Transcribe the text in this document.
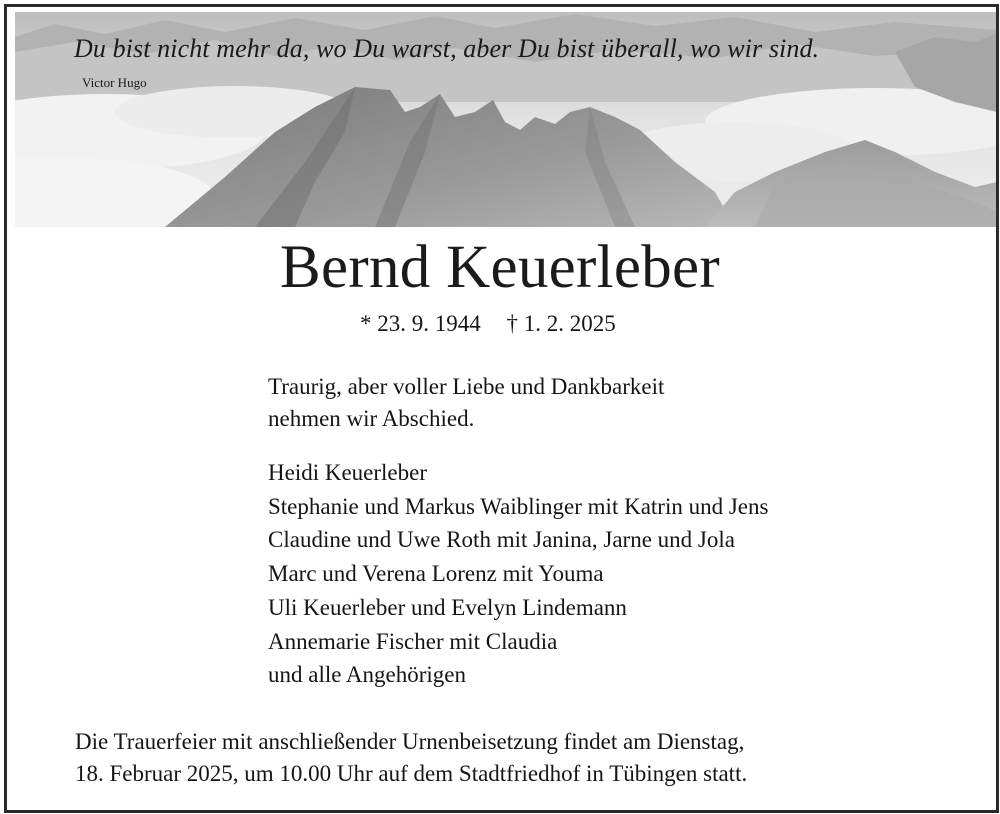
Du bist nicht mehr da, wo Du warst, aber Du bist überall, wo wir sind.
Victor Hugo
Bernd Keuerleber
* 23. 9. 1944 † 1. 2. 2025
Traurig, aber voller Liebe und Dankbarkeit
nehmen wir Abschied.
Heidi Keuerleber
Stephanie und Markus Waiblinger mit Katrin und Jens
Claudine und Uwe Roth mit Janina, Jarne und Jola
Marc und Verena Lorenz mit Youma
Uli Keuerleber und Evelyn Lindemann
Annemarie Fischer mit Claudia
und alle Angehörigen
Die Trauerfeier mit anschließender Urnenbeisetzung findet am Dienstag,
18. Februar 2025, um 10.00 Uhr auf dem Stadtfriedhof in Tübingen statt.
